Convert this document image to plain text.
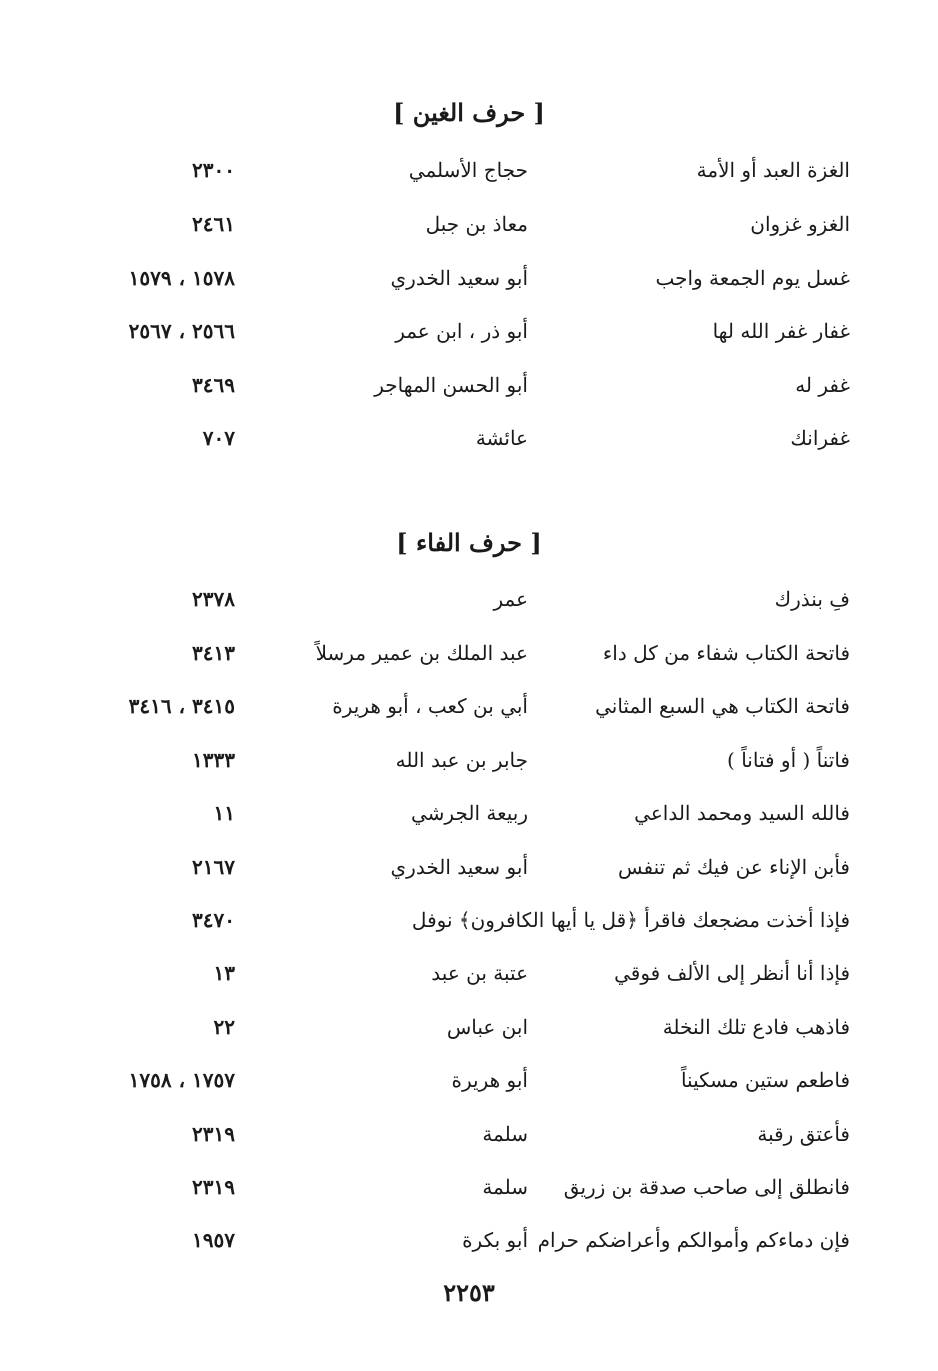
[ حرف الغين ]
الغزة العبد أو الأمة
حجاج الأسلمي
٢٣٠٠
الغزو غزوان
معاذ بن جبل
٢٤٦١
غسل يوم الجمعة واجب
أبو سعيد الخدري
١٥٧٨ ، ١٥٧٩
غفار غفر الله لها
أبو ذر ، ابن عمر
٢٥٦٦ ، ٢٥٦٧
غفر له
أبو الحسن المهاجر
٣٤٦٩
غفرانك
عائشة
٧٠٧
[ حرف الفاء ]
فِ بنذرك
عمر
٢٣٧٨
فاتحة الكتاب شفاء من كل داء
عبد الملك بن عمير مرسلاً
٣٤١٣
فاتحة الكتاب هي السبع المثاني
أبي بن كعب ، أبو هريرة
٣٤١٥ ، ٣٤١٦
فاتناً ( أو فتاناً )
جابر بن عبد الله
١٣٣٣
فالله السيد ومحمد الداعي
ربيعة الجرشي
١١
فأبن الإناء عن فيك ثم تنفس
أبو سعيد الخدري
٢١٦٧
فإذا أخذت مضجعك فاقرأ ﴿قل يا أيها الكافرون﴾ نوفل
٣٤٧٠
فإذا أنا أنظر إلى الألف فوقي
عتبة بن عبد
١٣
فاذهب فادع تلك النخلة
ابن عباس
٢٢
فاطعم ستين مسكيناً
أبو هريرة
١٧٥٧ ، ١٧٥٨
فأعتق رقبة
سلمة
٢٣١٩
فانطلق إلى صاحب صدقة بن زريق
سلمة
٢٣١٩
فإن دماءكم وأموالكم وأعراضكم حرام
أبو بكرة
١٩٥٧
٢٢٥٣
